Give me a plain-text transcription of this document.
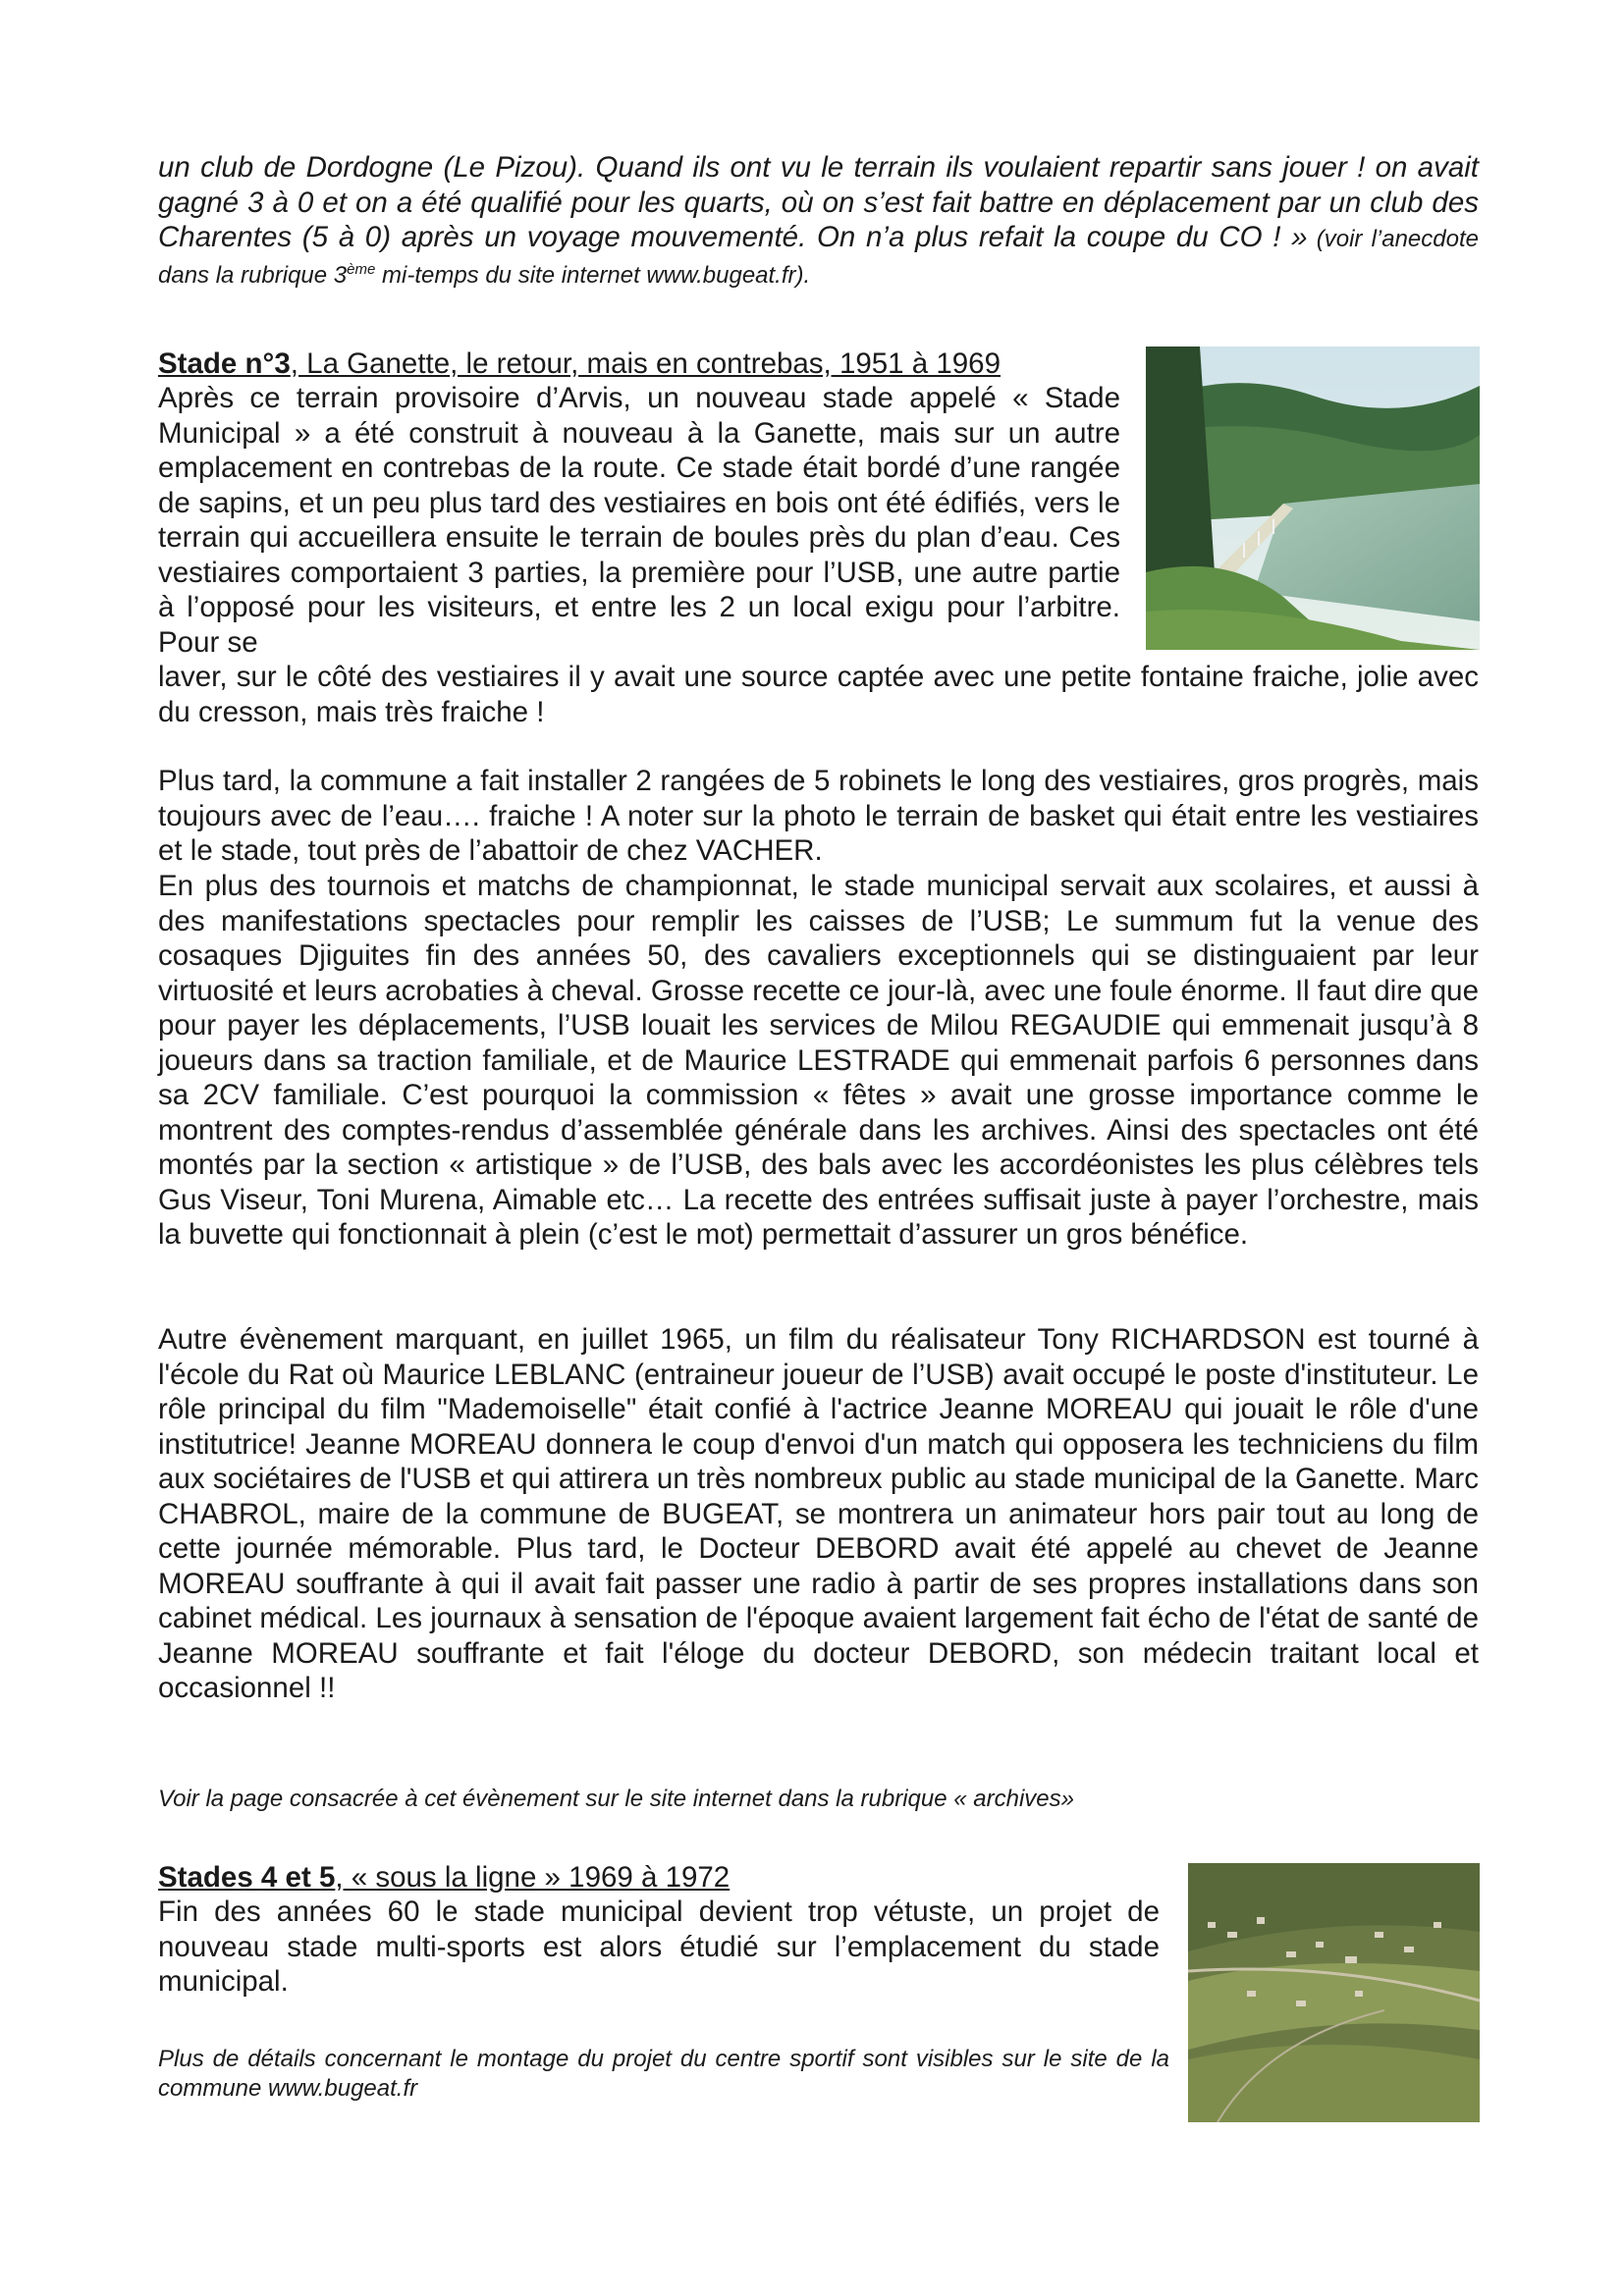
un club de Dordogne (Le Pizou). Quand ils ont vu le terrain ils voulaient repartir sans jouer ! on avait gagné 3 à 0 et on a été qualifié pour les quarts, où on s’est fait battre en déplacement par un club des Charentes (5 à 0) après un voyage mouvementé. On n’a plus refait la coupe du CO ! » (voir l’anecdote dans la rubrique 3ème mi-temps du site internet www.bugeat.fr).
Stade n°3, La Ganette, le retour, mais en contrebas, 1951 à 1969
Après ce terrain provisoire d’Arvis, un nouveau stade appelé « Stade Municipal » a été construit à nouveau à la Ganette, mais sur un autre emplacement en contrebas de la route. Ce stade était bordé d’une rangée de sapins, et un peu plus tard des vestiaires en bois ont été édifiés, vers le terrain qui accueillera ensuite le terrain de boules près du plan d’eau. Ces vestiaires comportaient 3 parties, la première pour l’USB, une autre partie à l’opposé pour les visiteurs, et entre les 2 un local exigu pour l’arbitre. Pour se
laver, sur le côté des vestiaires il y avait une source captée avec une petite fontaine fraiche, jolie avec du cresson, mais très fraiche !
Plus tard, la commune a fait installer 2 rangées de 5 robinets le long des vestiaires, gros progrès, mais toujours avec de l’eau…. fraiche ! A noter sur la photo le terrain de basket qui était entre les vestiaires et le stade, tout près de l’abattoir de chez VACHER.
En plus des tournois et matchs de championnat, le stade municipal servait aux scolaires, et aussi à des manifestations spectacles pour remplir les caisses de l’USB; Le summum fut la venue des cosaques Djiguites fin des années 50, des cavaliers exceptionnels qui se distinguaient par leur virtuosité et leurs acrobaties à cheval. Grosse recette ce jour-là, avec une foule énorme. Il faut dire que pour payer les déplacements, l’USB louait les services de Milou REGAUDIE qui emmenait jusqu’à 8 joueurs dans sa traction familiale, et de Maurice LESTRADE qui emmenait parfois 6 personnes dans sa 2CV familiale. C’est pourquoi la commission « fêtes » avait une grosse importance comme le montrent des comptes-rendus d’assemblée générale dans les archives. Ainsi des spectacles ont été montés par la section « artistique » de l’USB, des bals avec les accordéonistes les plus célèbres tels Gus Viseur, Toni Murena, Aimable etc… La recette des entrées suffisait juste à payer l’orchestre, mais la buvette qui fonctionnait à plein (c’est le mot) permettait d’assurer un gros bénéfice.
Autre évènement marquant, en juillet 1965, un film du réalisateur Tony RICHARDSON est tourné à l'école du Rat où Maurice LEBLANC (entraineur joueur de l’USB) avait occupé le poste d'instituteur. Le rôle principal du film "Mademoiselle" était confié à l'actrice Jeanne MOREAU qui jouait le rôle d'une institutrice! Jeanne MOREAU donnera le coup d'envoi d'un match qui opposera les techniciens du film aux sociétaires de l'USB et qui attirera un très nombreux public au stade municipal de la Ganette. Marc CHABROL, maire de la commune de BUGEAT, se montrera un animateur hors pair tout au long de cette journée mémorable. Plus tard, le Docteur DEBORD avait été appelé au chevet de Jeanne MOREAU souffrante à qui il avait fait passer une radio à partir de ses propres installations dans son cabinet médical. Les journaux à sensation de l'époque avaient largement fait écho de l'état de santé de Jeanne MOREAU souffrante et fait l'éloge du docteur DEBORD, son médecin traitant local et occasionnel !!
Voir la page consacrée à cet évènement sur le site internet dans la rubrique « archives»
Stades 4 et 5, « sous la ligne » 1969 à 1972
Fin des années 60 le stade municipal devient trop vétuste, un projet de nouveau stade multi-sports est alors étudié sur l’emplacement du stade municipal.
Plus de détails concernant le montage du projet du centre sportif sont visibles sur le site de la commune www.bugeat.fr
